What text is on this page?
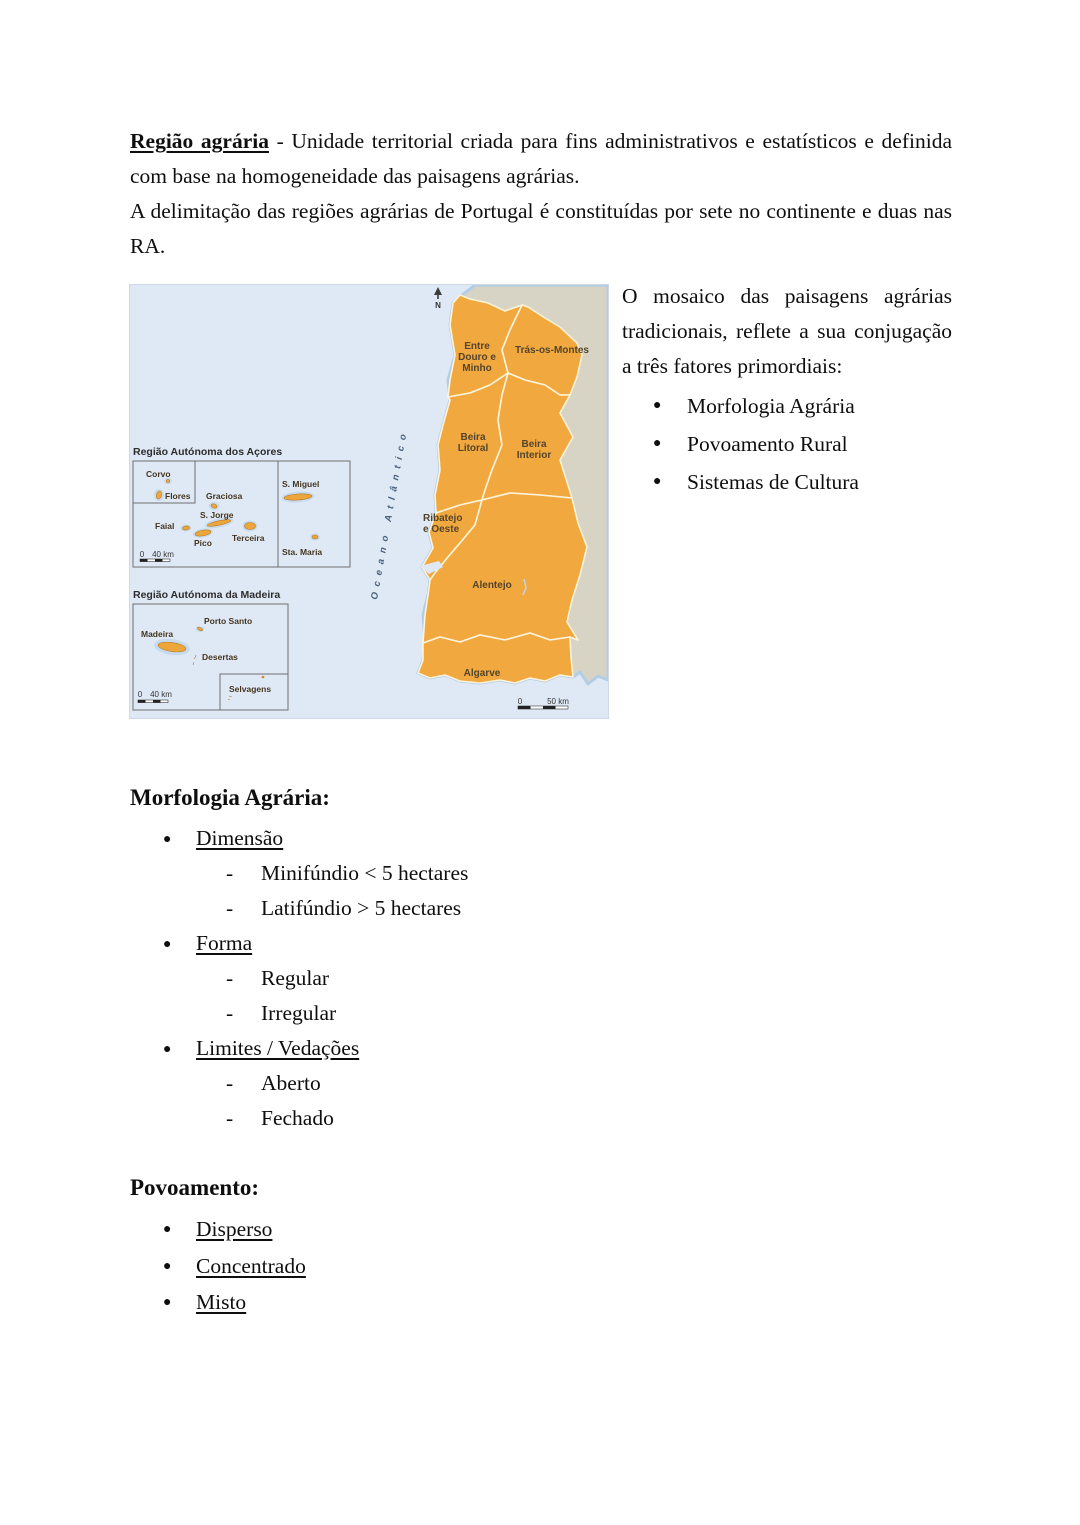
Região agrária - Unidade territorial criada para fins administrativos e estatísticos e definida com base na homogeneidade das paisagens agrárias.

A delimitação das regiões agrárias de Portugal é constituídas por sete no continente e duas nas RA.

Entre
Douro e
Minho
Trás-os-Montes
Beira
Litoral	Beira
Interior
Ribatejo
e Oeste
Alentejo
Algarve
N
Oceano Atlântico
0	50 km
Região Autónoma dos Açores
Corvo
Flores Graciosa
S. Miguel
S. Jorge
Faial
Pico Terceira
Sta. Maria
0 40 km
Região Autónoma da Madeira
Madeira
Porto Santo
Desertas
Selvagens
0 40 km

O mosaico das paisagens agrárias tradicionais, reflete a sua conjugação a três fatores primordiais:

● Morfologia Agrária
● Povoamento Rural
● Sistemas de Cultura
Morfologia Agrária:
● Dimensão
- Minifúndio < 5 hectares
- Latifúndio > 5 hectares
● Forma
- Regular
- Irregular
● Limites / Vedações
- Aberto
- Fechado
Povoamento:
● Disperso
● Concentrado
● Misto
